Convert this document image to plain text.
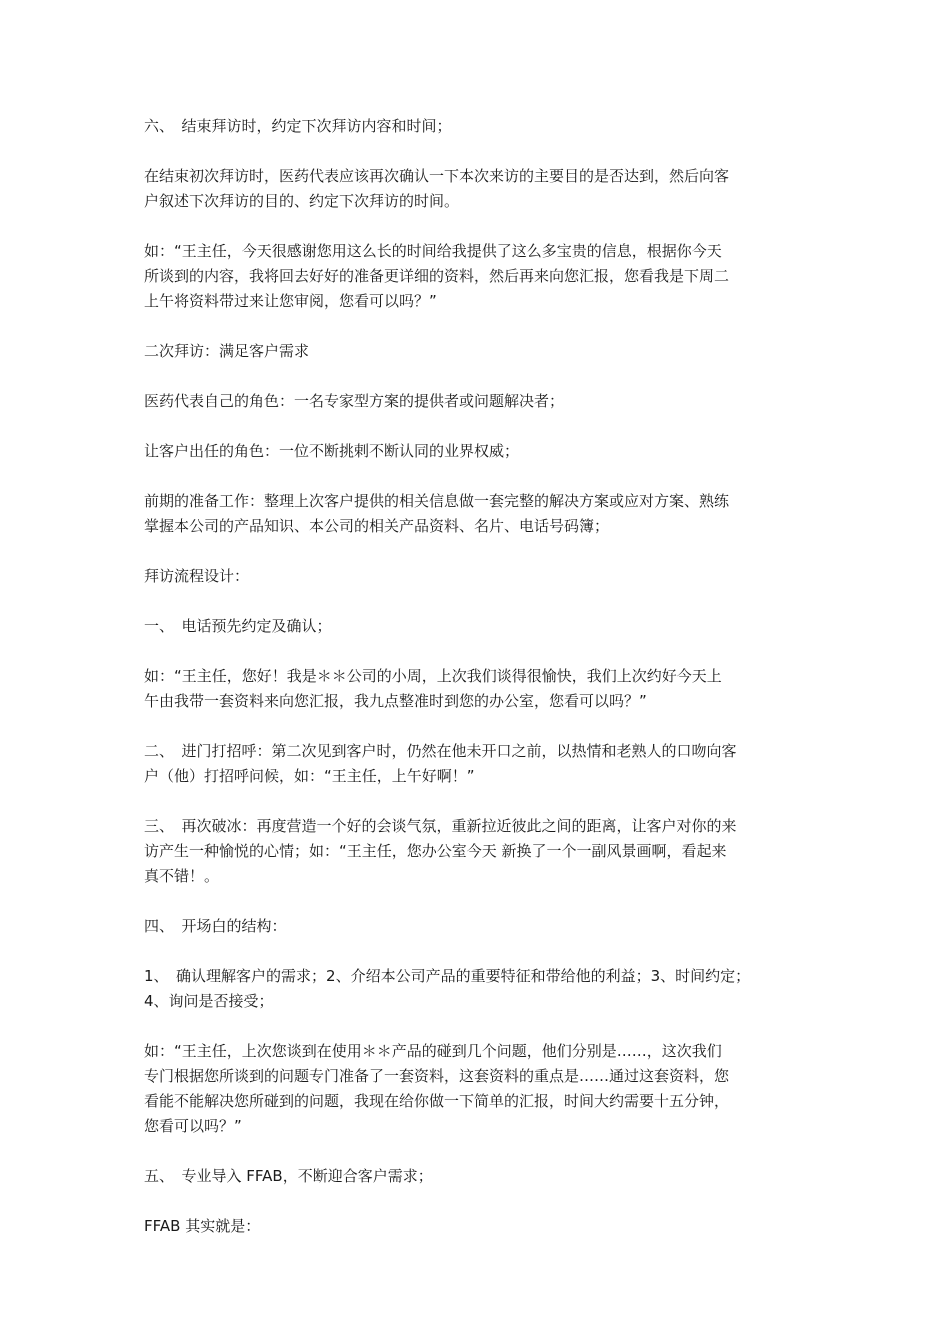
六、　结束拜访时，约定下次拜访内容和时间；

在结束初次拜访时，医药代表应该再次确认一下本次来访的主要目的是否达到，然后向客
户叙述下次拜访的目的、约定下次拜访的时间。

如：“王主任，今天很感谢您用这么长的时间给我提供了这么多宝贵的信息，根据你今天
所谈到的内容，我将回去好好的准备更详细的资料，然后再来向您汇报，您看我是下周二
上午将资料带过来让您审阅，您看可以吗？”

二次拜访：满足客户需求

医药代表自己的角色：一名专家型方案的提供者或问题解决者；

让客户出任的角色：一位不断挑剌不断认同的业界权威；

前期的准备工作：整理上次客户提供的相关信息做一套完整的解决方案或应对方案、熟练
掌握本公司的产品知识、本公司的相关产品资料、名片、电话号码簿；

拜访流程设计：

一、　电话预先约定及确认；

如：“王主任，您好！我是＊＊公司的小周，上次我们谈得很愉快，我们上次约好今天上
午由我带一套资料来向您汇报，我九点整准时到您的办公室，您看可以吗？”

二、　进门打招呼：第二次见到客户时，仍然在他未开口之前，以热情和老熟人的口吻向客
户（他）打招呼问候，如：“王主任，上午好啊！”

三、　再次破冰：再度营造一个好的会谈气氛，重新拉近彼此之间的距离，让客户对你的来
访产生一种愉悦的心情；如：“王主任，您办公室今天 新换了一个一副风景画啊，看起来
真不错！。

四、　开场白的结构：

1、　确认理解客户的需求；2、介绍本公司产品的重要特征和带给他的利益；3、时间约定；
4、询问是否接受；

如：“王主任，上次您谈到在使用＊＊产品的碰到几个问题，他们分别是……，这次我们
专门根据您所谈到的问题专门准备了一套资料，这套资料的重点是……通过这套资料，您
看能不能解决您所碰到的问题，我现在给你做一下简单的汇报，时间大约需要十五分钟，
您看可以吗？”

五、　专业导入 FFAB，不断迎合客户需求；

FFAB 其实就是：
